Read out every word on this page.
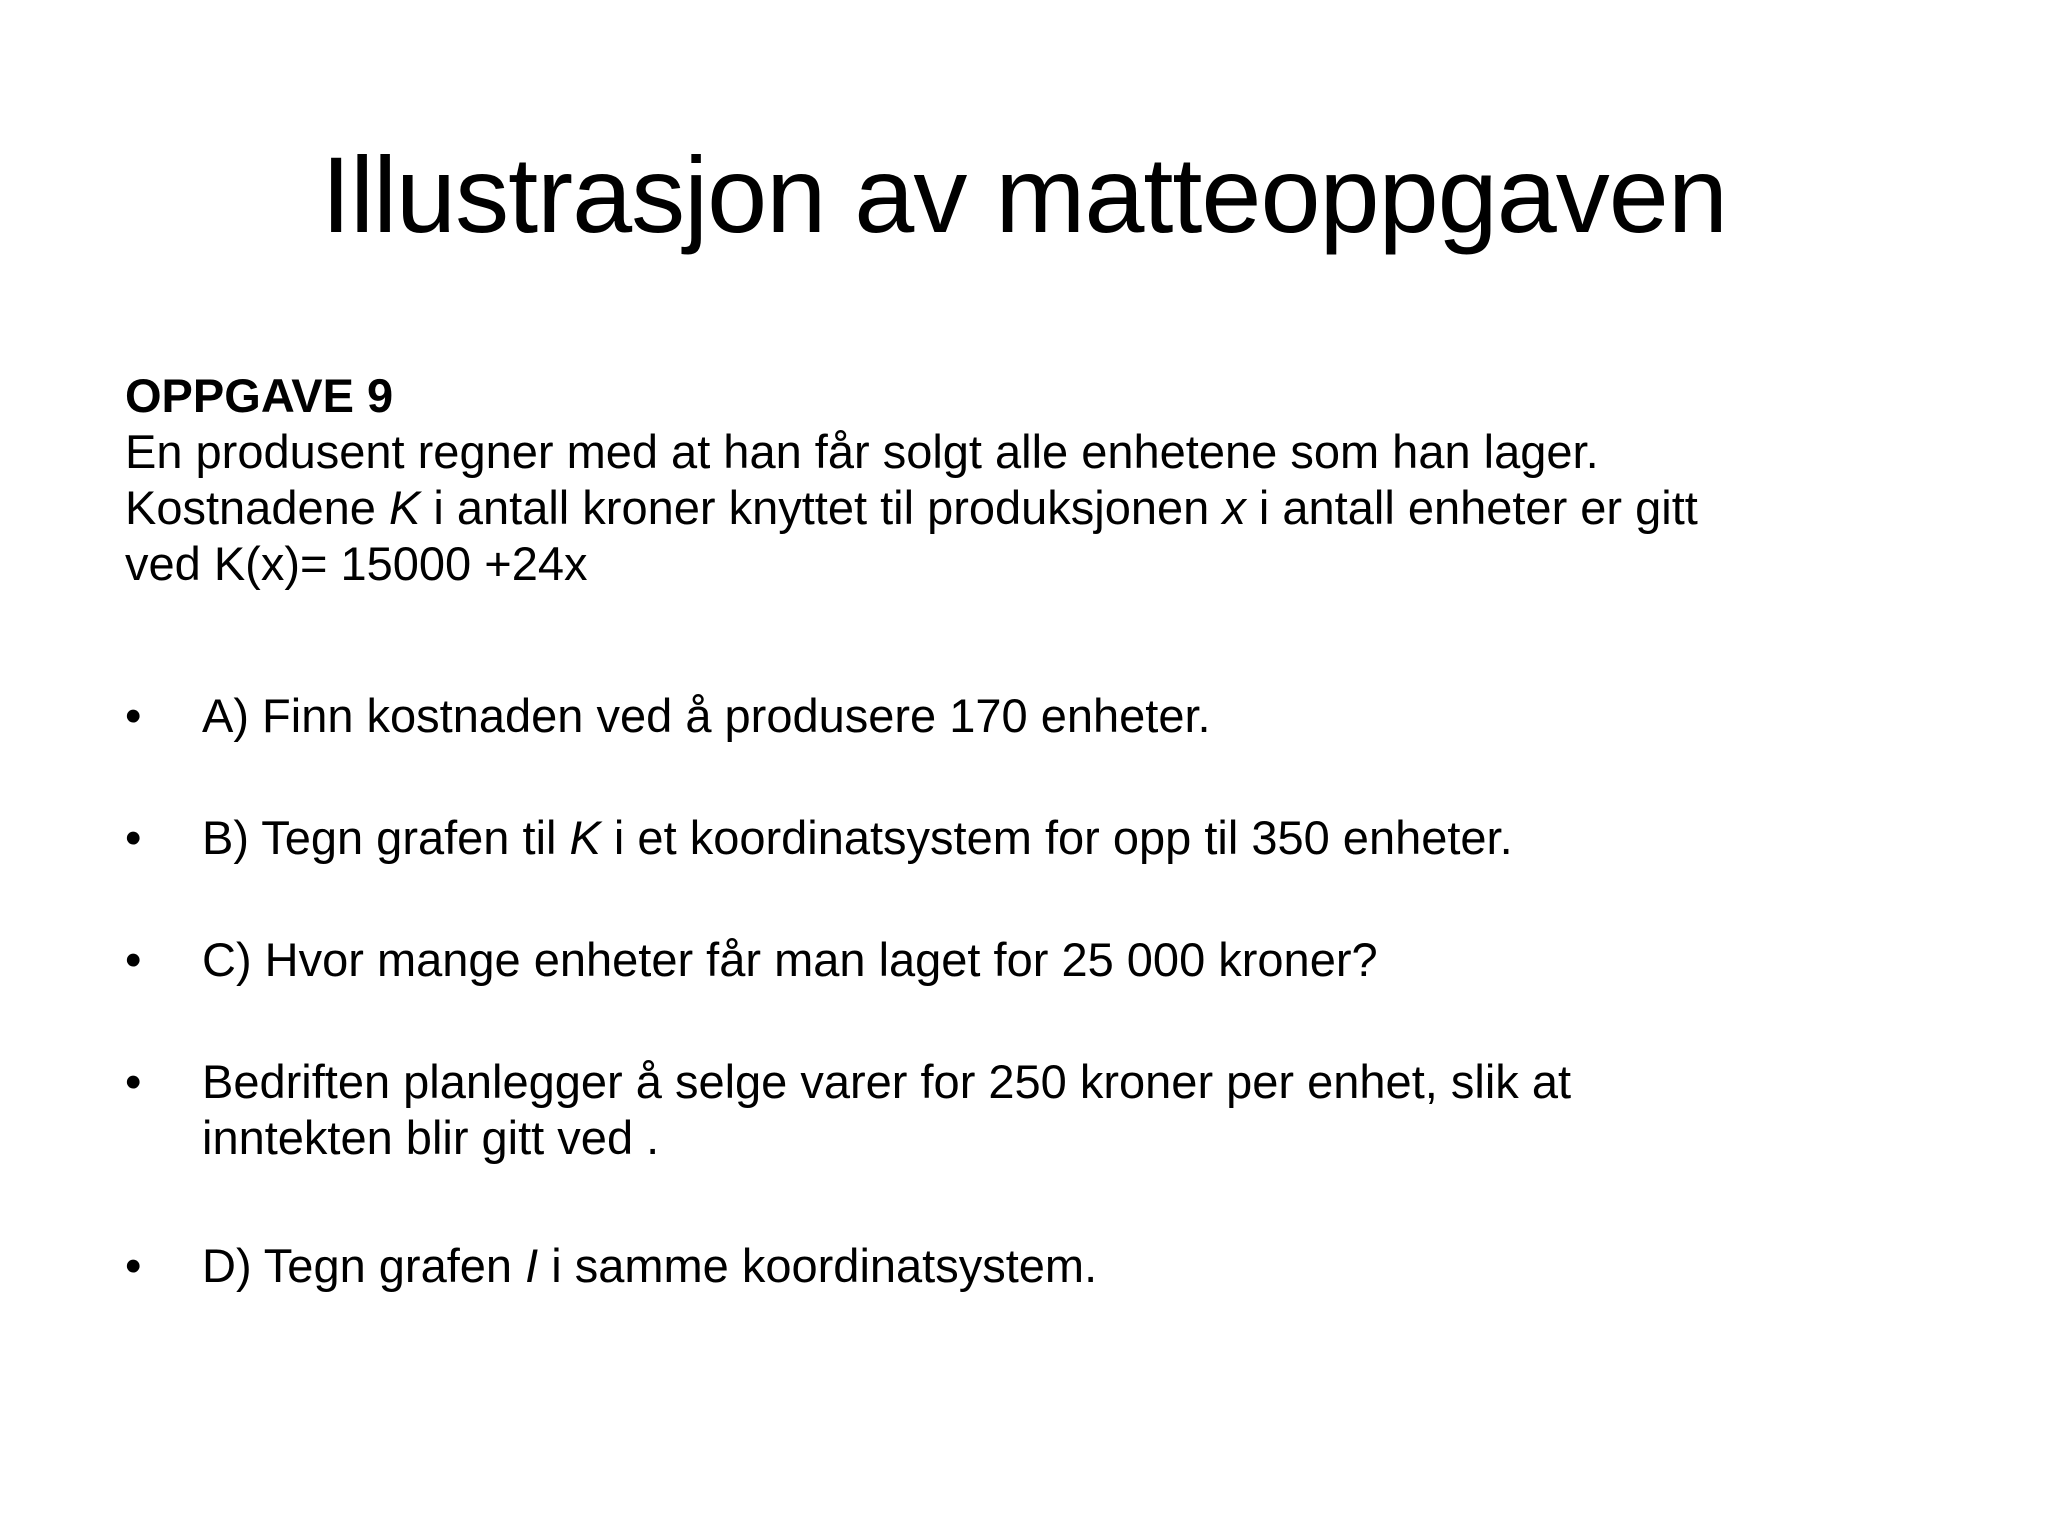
Illustrasjon av matteoppgaven

OPPGAVE 9

En produsent regner med at han får solgt alle enhetene som han lager.
Kostnadene K i antall kroner knyttet til produksjonen x i antall enheter er gitt
ved K(x)= 15000 +24x

•	A) Finn kostnaden ved å produsere 170 enheter.
•	B) Tegn grafen til K i et koordinatsystem for opp til 350 enheter.
•	C) Hvor mange enheter får man laget for 25 000 kroner?
•	Bedriften planlegger å selge varer for 250 kroner per enhet, slik at
inntekten blir gitt ved .
•	D) Tegn grafen I i samme koordinatsystem.
